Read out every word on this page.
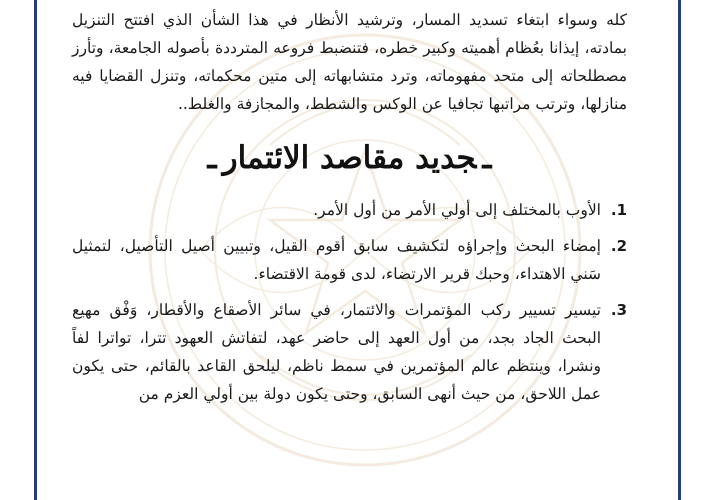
كله وسواء ابتغاء تسديد المسار، وترشيد الأنظار في هذا الشأن الذي افتتح التنزيل بمادته، إيذانا بعُظام أهميته وكبير خطره، فتنضبط فروعه المترددة بأصوله الجامعة، وتأرز مصطلحاته إلى متحد مفهوماته، وترد متشابهاته إلى متين محكماته، وتنزل القضايا فيه منازلها، وترتب مراتبها تجافيا عن الوكس والشطط، والمجازفة والغلط..

ـجديد مقاصد الائتمارـ
1.
الأوب بالمختلف إلى أولي الأمر من أول الأمر.
2.
إمضاء البحث وإجراؤه لتكشيف سابق أقوم القيل، وتبيين أصيل التأصيل، لتمثيل سَني الاهتداء، وحبك قرير الارتضاء، لدى قومة الاقتضاء.
3.
تيسير تسيير ركب المؤتمرات والائتمار، في سائر الأصقاع والأقطار، وَفْق مهيع البحث الجاد بجد، من أول العهد إلى حاضر عهد، لتفاتش العهود تترا، تواترا لفاً ونشرا، وينتظم عالم المؤتمرين في سمط ناظم، ليلحق القاعد بالقائم، حتى يكون عمل اللاحق، من حيث أنهى السابق، وحتى يكون دولة بين أولي العزم من
